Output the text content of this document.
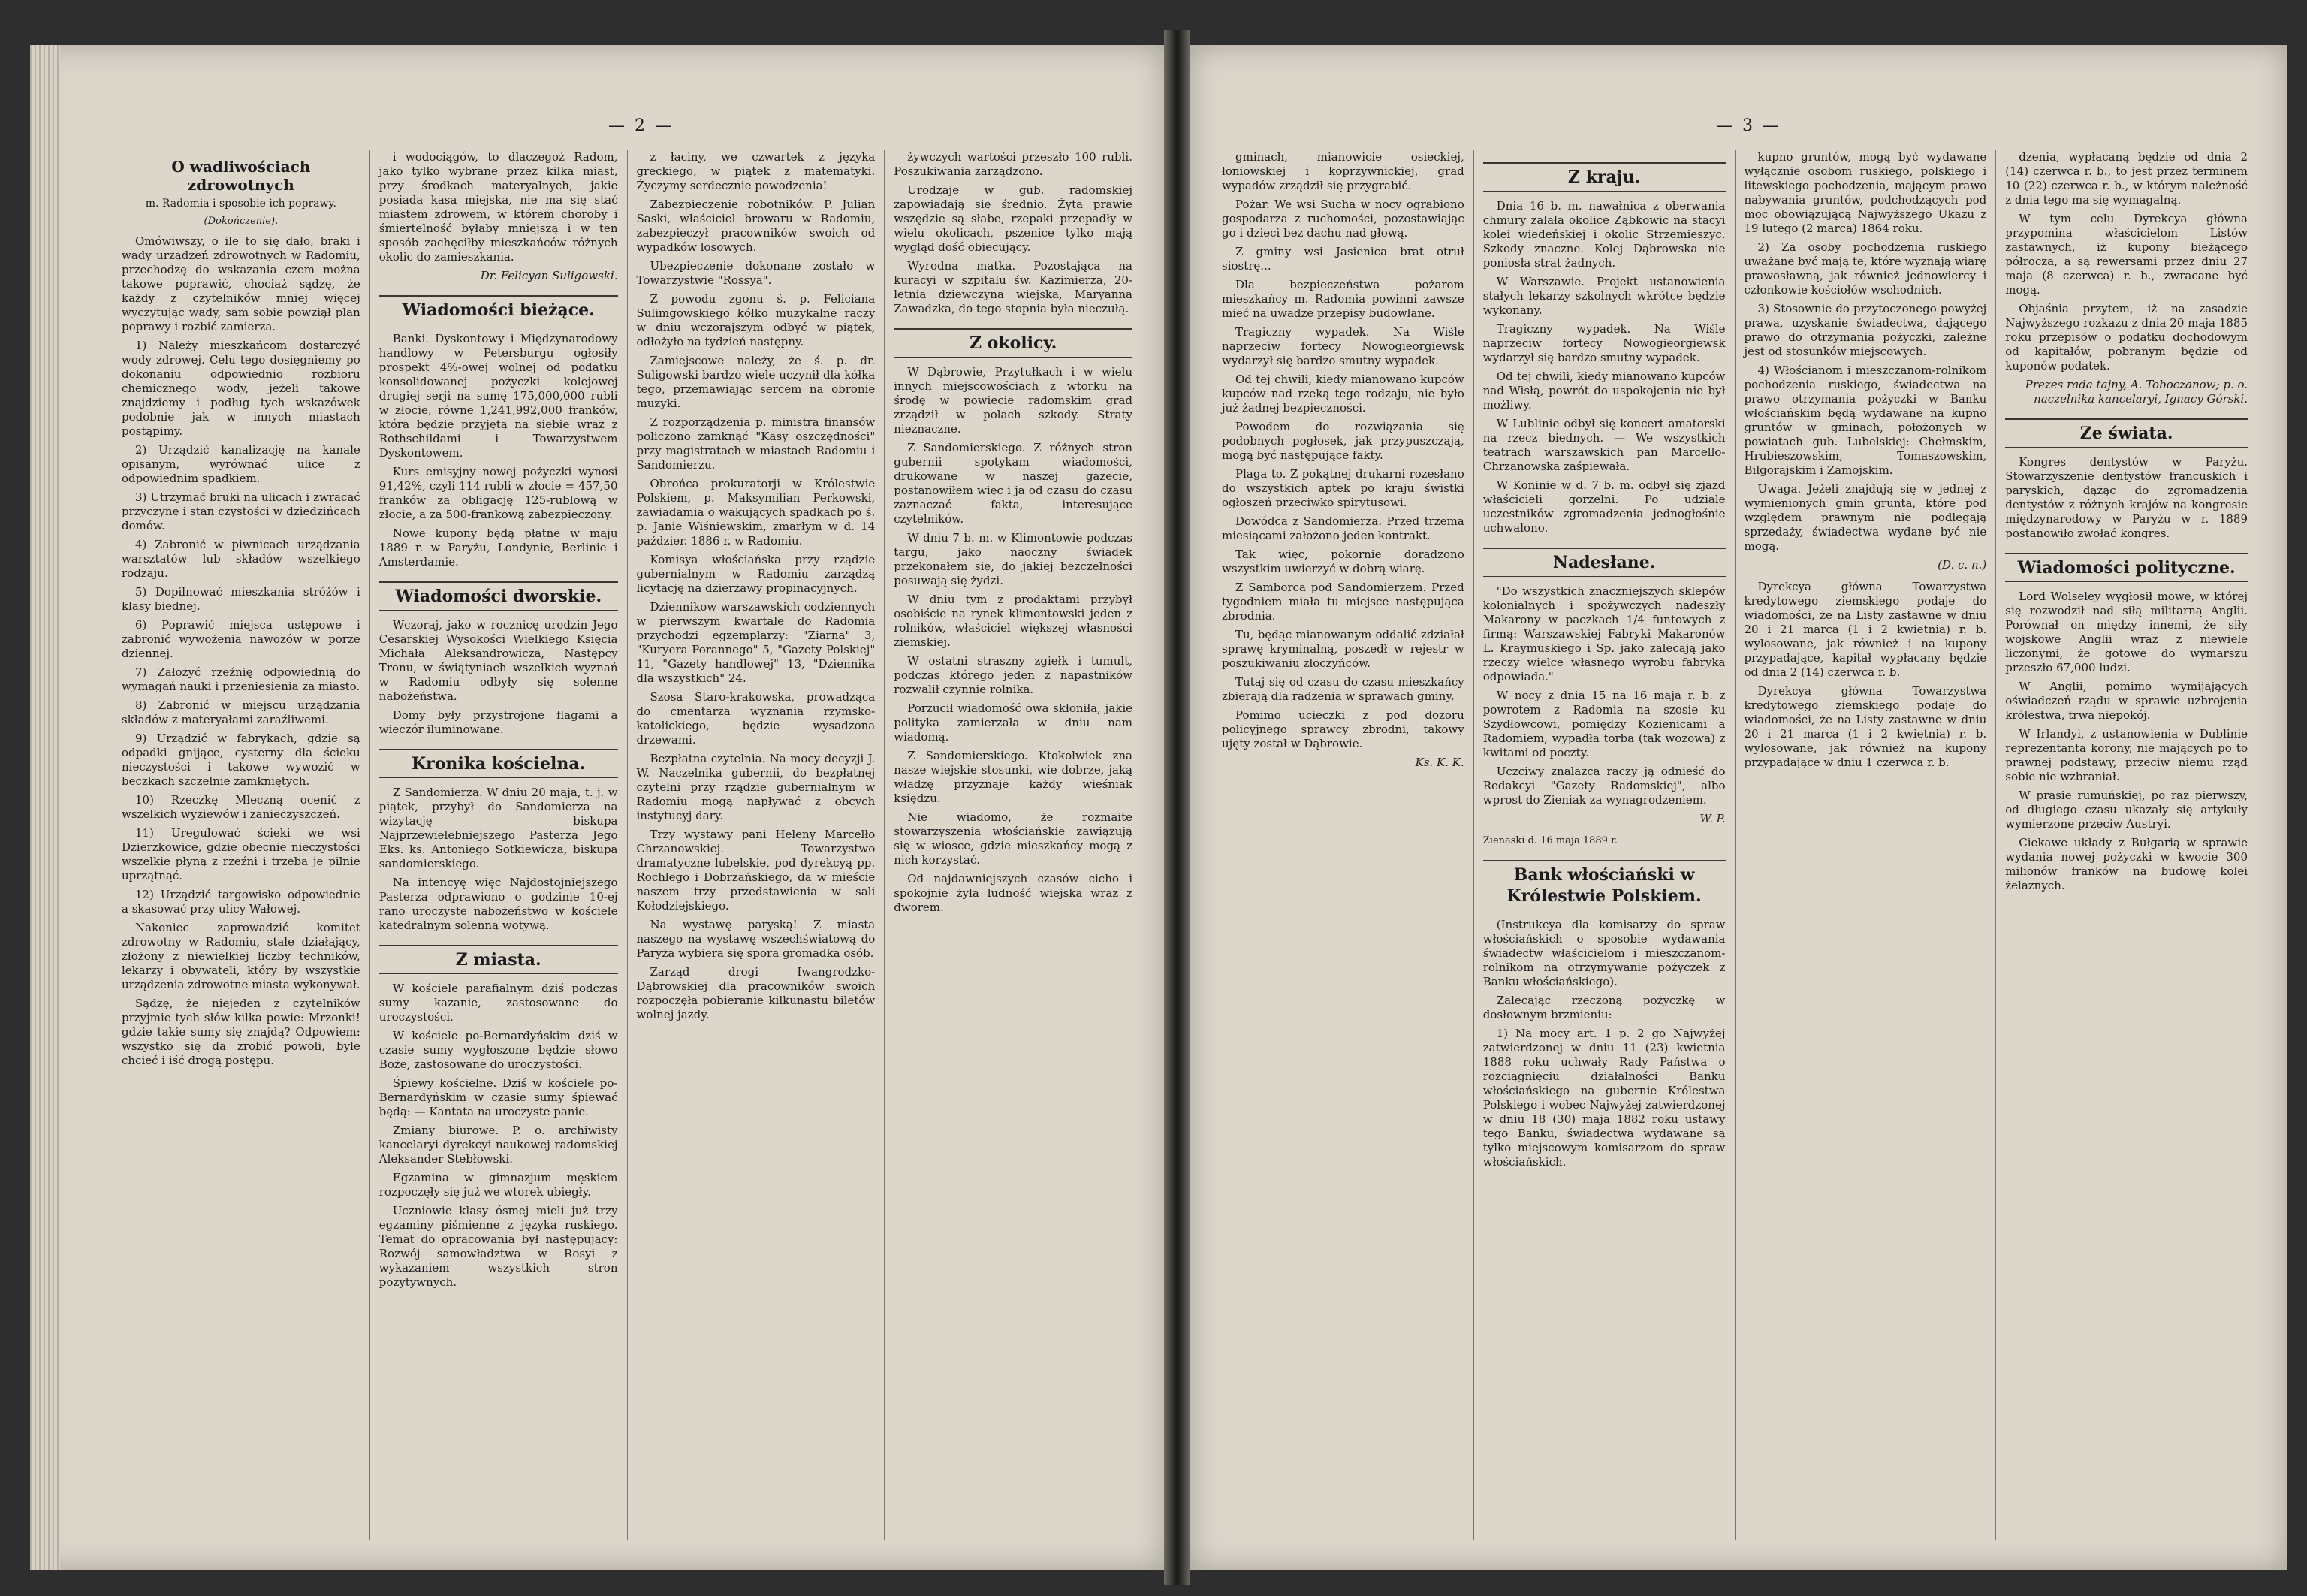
— 2 —
O wadliwościach zdrowotnych
m. Radomia i sposobie ich poprawy.
(Dokończenie).

Omówiwszy, o ile to się dało, braki i wady urządzeń zdrowotnych w Radomiu, przechodzę do wskazania czem można takowe poprawić, chociaż sądzę, że każdy z czytelników mniej więcej wyczytując wady, sam sobie powziął plan poprawy i rozbić zamierza.

1) Należy mieszkańcom dostarczyć wody zdrowej. Celu tego dosięgniemy po dokonaniu odpowiednio rozbioru chemicznego wody, jeżeli takowe znajdziemy i podług tych wskazówek podobnie jak w innych miastach postąpimy.

2) Urządzić kanalizację na kanale opisanym, wyrównać ulice z odpowiednim spadkiem.

3) Utrzymać bruki na ulicach i zwracać przyczynę i stan czystości w dziedzińcach domów.

4) Zabronić w piwnicach urządzania warsztatów lub składów wszelkiego rodzaju.

5) Dopilnować mieszkania stróżów i klasy biednej.

6) Poprawić miejsca ustępowe i zabronić wywożenia nawozów w porze dziennej.

7) Założyć rzeźnię odpowiednią do wymagań nauki i przeniesienia za miasto.

8) Zabronić w miejscu urządzania składów z materyałami zaraźliwemi.

9) Urządzić w fabrykach, gdzie są odpadki gnijące, cysterny dla ścieku nieczystości i takowe wywozić w beczkach szczelnie zamkniętych.

10) Rzeczkę Mleczną ocenić z wszelkich wyziewów i zanieczyszczeń.

11) Uregulować ścieki we wsi Dzierzkowice, gdzie obecnie nieczystości wszelkie płyną z rzeźni i trzeba je pilnie uprzątnąć.

12) Urządzić targowisko odpowiednie a skasować przy ulicy Wałowej.

Nakoniec zaprowadzić komitet zdrowotny w Radomiu, stale działający, złożony z niewielkiej liczby techników, lekarzy i obywateli, który by wszystkie urządzenia zdrowotne miasta wykonywał.

Sądzę, że niejeden z czytelników przyjmie tych słów kilka powie: Mrzonki! gdzie takie sumy się znajdą? Odpowiem: wszystko się da zrobić powoli, byle chcieć i iść drogą postępu.

i wodociągów, to dlaczegoż Radom, jako tylko wybrane przez kilka miast, przy środkach materyalnych, jakie posiada kasa miejska, nie ma się stać miastem zdrowem, w którem choroby i śmiertelność byłaby mniejszą i w ten sposób zachęciłby mieszkańców różnych okolic do zamieszkania.

Dr. Felicyan Suligowski.
Wiadomości bieżące.

Banki. Dyskontowy i Międzynarodowy handlowy w Petersburgu ogłosiły prospekt 4%-owej wolnej od podatku konsolidowanej pożyczki kolejowej drugiej serji na sumę 175,000,000 rubli w złocie, równe 1,241,992,000 franków, która będzie przyjętą na siebie wraz z Rothschildami i Towarzystwem Dyskontowem.

Kurs emisyjny nowej pożyczki wynosi 91,42%, czyli 114 rubli w złocie = 457,50 franków za obligację 125-rublową w złocie, a za 500-frankową zabezpieczony.

Nowe kupony będą płatne w maju 1889 r. w Paryżu, Londynie, Berlinie i Amsterdamie.

Wiadomości dworskie.

Wczoraj, jako w rocznicę urodzin Jego Cesarskiej Wysokości Wielkiego Księcia Michała Aleksandrowicza, Następcy Tronu, w świątyniach wszelkich wyznań w Radomiu odbyły się solenne nabożeństwa.

Domy były przystrojone flagami a wieczór iluminowane.

Kronika kościelna.

Z Sandomierza. W dniu 20 maja, t. j. w piątek, przybył do Sandomierza na wizytację biskupa Najprzewielebniejszego Pasterza Jego Eks. ks. Antoniego Sotkiewicza, biskupa sandomierskiego.

Na intencyę więc Najdostojniejszego Pasterza odprawiono o godzinie 10-ej rano uroczyste nabożeństwo w kościele katedralnym solenną wotywą.

Z miasta.

W kościele parafialnym dziś podczas sumy kazanie, zastosowane do uroczystości.

W kościele po-Bernardyńskim dziś w czasie sumy wygłoszone będzie słowo Boże, zastosowane do uroczystości.

Śpiewy kościelne. Dziś w kościele po-Bernardyńskim w czasie sumy śpiewać będą: — Kantata na uroczyste panie.

Zmiany biurowe. P. o. archiwisty kancelaryi dyrekcyi naukowej radomskiej Aleksander Stebłowski.

Egzamina w gimnazjum męskiem rozpoczęły się już we wtorek ubiegły.

Uczniowie klasy ósmej mieli już trzy egzaminy piśmienne z języka ruskiego. Temat do opracowania był następujący: Rozwój samowładztwa w Rosyi z wykazaniem wszystkich stron pozytywnych.

z łaciny, we czwartek z języka greckiego, w piątek z matematyki. Życzymy serdecznie powodzenia!

Zabezpieczenie robotników. P. Julian Saski, właściciel browaru w Radomiu, zabezpieczył pracowników swoich od wypadków losowych.

Ubezpieczenie dokonane zostało w Towarzystwie "Rossya".

Z powodu zgonu ś. p. Feliciana Sulimgowskiego kółko muzykalne raczy w dniu wczorajszym odbyć w piątek, odłożyło na tydzień następny.

Zamiejscowe należy, że ś. p. dr. Suligowski bardzo wiele uczynił dla kółka tego, przemawiając sercem na obronie muzyki.

Z rozporządzenia p. ministra finansów policzono zamknąć "Kasy oszczędności" przy magistratach w miastach Radomiu i Sandomierzu.

Obrońca prokuratorji w Królestwie Polskiem, p. Maksymilian Perkowski, zawiadamia o wakujących spadkach po ś. p. Janie Wiśniewskim, zmarłym w d. 14 paździer. 1886 r. w Radomiu.

Komisya włościańska przy rządzie gubernialnym w Radomiu zarządzą licytację na dzierżawy propinacyjnych.

Dziennikow warszawskich codziennych w pierwszym kwartale do Radomia przychodzi egzemplarzy: "Ziarna" 3, "Kuryera Porannego" 5, "Gazety Polskiej" 11, "Gazety handlowej" 13, "Dziennika dla wszystkich" 24.

Szosa Staro-krakowska, prowadząca do cmentarza wyznania rzymsko-katolickiego, będzie wysadzona drzewami.

Bezpłatna czytelnia. Na mocy decyzji J. W. Naczelnika gubernii, do bezpłatnej czytelni przy rządzie gubernialnym w Radomiu mogą napływać z obcych instytucyj dary.

Trzy wystawy pani Heleny Marcelło Chrzanowskiej. Towarzystwo dramatyczne lubelskie, pod dyrekcyą pp. Rochlego i Dobrzańskiego, da w mieście naszem trzy przedstawienia w sali Kołodziejskiego.

Na wystawę paryską! Z miasta naszego na wystawę wszechświatową do Paryża wybiera się spora gromadka osób.

Zarząd drogi Iwangrodzko-Dąbrowskiej dla pracowników swoich rozpoczęła pobieranie kilkunastu biletów wolnej jazdy.

żywczych wartości przeszło 100 rubli. Poszukiwania zarządzono.

Urodzaje w gub. radomskiej zapowiadają się średnio. Żyta prawie wszędzie są słabe, rzepaki przepadły w wielu okolicach, pszenice tylko mają wygląd dość obiecujący.

Wyrodna matka. Pozostająca na kuracyi w szpitalu św. Kazimierza, 20-letnia dziewczyna wiejska, Maryanna Zawadzka, do tego stopnia była nieczułą.

Z okolicy.

W Dąbrowie, Przytułkach i w wielu innych miejscowościach z wtorku na środę w powiecie radomskim grad zrządził w polach szkody. Straty nieznaczne.

Z Sandomierskiego. Z różnych stron gubernii spotykam wiadomości, drukowane w naszej gazecie, postanowiłem więc i ja od czasu do czasu zaznaczać fakta, interesujące czytelników.

W dniu 7 b. m. w Klimontowie podczas targu, jako naoczny świadek przekonałem się, do jakiej bezczelności posuwają się żydzi.

W dniu tym z prodaktami przybył osobiście na rynek klimontowski jeden z rolników, właściciel większej własności ziemskiej.

W ostatni straszny zgiełk i tumult, podczas którego jeden z napastników rozwalił czynnie rolnika.

Porzucił wiadomość owa skłoniła, jakie polityka zamierzała w dniu nam wiadomą.

Z Sandomierskiego. Ktokolwiek zna nasze wiejskie stosunki, wie dobrze, jaką władzę przyznaje każdy wieśniak księdzu.

Nie wiadomo, że rozmaite stowarzyszenia włościańskie zawiązują się w wiosce, gdzie mieszkańcy mogą z nich korzystać.

Od najdawniejszych czasów cicho i spokojnie żyła ludność wiejska wraz z dworem.

— 3 —

gminach, mianowicie osieckiej, łoniowskiej i koprzywnickiej, grad wypadów zrządził się przygrabić.

Pożar. We wsi Sucha w nocy ograbiono gospodarza z ruchomości, pozostawiając go i dzieci bez dachu nad głową.

Z gminy wsi Jasienica brat otruł siostrę...

Dla bezpieczeństwa pożarom mieszkańcy m. Radomia powinni zawsze mieć na uwadze przepisy budowlane.

Tragiczny wypadek. Na Wiśle naprzeciw fortecy Nowogieorgiewsk wydarzył się bardzo smutny wypadek.

Od tej chwili, kiedy mianowano kupców kupców nad rzeką tego rodzaju, nie było już żadnej bezpieczności.

Powodem do rozwiązania się podobnych pogłosek, jak przypuszczają, mogą być następujące fakty.

Plaga to. Z pokątnej drukarni rozesłano do wszystkich aptek po kraju świstki ogłoszeń przeciwko spirytusowi.

Dowódca z Sandomierza. Przed trzema miesiącami założono jeden kontrakt.

Tak więc, pokornie doradzono wszystkim uwierzyć w dobrą wiarę.

Z Samborca pod Sandomierzem. Przed tygodniem miała tu miejsce następująca zbrodnia.

Tu, będąc mianowanym oddalić zdziałał sprawę kryminalną, poszedł w rejestr w poszukiwaniu złoczyńców.

Tutaj się od czasu do czasu mieszkańcy zbierają dla radzenia w sprawach gminy.

Pomimo ucieczki z pod dozoru policyjnego sprawcy zbrodni, takowy ujęty został w Dąbrowie.

Ks. K. K.
Z kraju.

Dnia 16 b. m. nawałnica z oberwania chmury zalała okolice Ząbkowic na stacyi kolei wiedeńskiej i okolic Strzemieszyc. Szkody znaczne. Kolej Dąbrowska nie poniosła strat żadnych.

W Warszawie. Projekt ustanowienia stałych lekarzy szkolnych wkrótce będzie wykonany.

Tragiczny wypadek. Na Wiśle naprzeciw fortecy Nowogieorgiewsk wydarzył się bardzo smutny wypadek.

Od tej chwili, kiedy mianowano kupców nad Wisłą, powrót do uspokojenia nie był możliwy.

W Lublinie odbył się koncert amatorski na rzecz biednych. — We wszystkich teatrach warszawskich pan Marcello-Chrzanowska zaśpiewała.

W Koninie w d. 7 b. m. odbył się zjazd właścicieli gorzelni. Po udziale uczestników zgromadzenia jednogłośnie uchwalono.

Nadesłane.

"Do wszystkich znaczniejszych sklepów kolonialnych i spożywczych nadeszły Makarony w paczkach 1/4 funtowych z firmą: Warszawskiej Fabryki Makaronów L. Kraymuskiego i Sp. jako zalecają jako rzeczy wielce własnego wyrobu fabryka odpowiada."

W nocy z dnia 15 na 16 maja r. b. z powrotem z Radomia na szosie ku Szydłowcowi, pomiędzy Kozienicami a Radomiem, wypadła torba (tak wozowa) z kwitami od poczty.

Uczciwy znalazca raczy ją odnieść do Redakcyi "Gazety Radomskiej", albo wprost do Zieniak za wynagrodzeniem.

W. P.
Zienaski d. 16 maja 1889 r.
Bank włościański w Królestwie Polskiem.

(Instrukcya dla komisarzy do spraw włościańskich o sposobie wydawania świadectw właścicielom i mieszczanom-rolnikom na otrzymywanie pożyczek z Banku włościańskiego).

Zalecając rzeczoną pożyczkę w dosłownym brzmieniu:

1) Na mocy art. 1 p. 2 go Najwyżej zatwierdzonej w dniu 11 (23) kwietnia 1888 roku uchwały Rady Państwa o rozciągnięciu działalności Banku włościańskiego na gubernie Królestwa Polskiego i wobec Najwyżej zatwierdzonej w dniu 18 (30) maja 1882 roku ustawy tego Banku, świadectwa wydawane są tylko miejscowym komisarzom do spraw włościańskich.

kupno gruntów, mogą być wydawane wyłącznie osobom ruskiego, polskiego i litewskiego pochodzenia, mającym prawo nabywania gruntów, podchodzących pod moc obowiązującą Najwyższego Ukazu z 19 lutego (2 marca) 1864 roku.

2) Za osoby pochodzenia ruskiego uważane być mają te, które wyznają wiarę prawosławną, jak również jednowiercy i członkowie kościołów wschodnich.

3) Stosownie do przytoczonego powyżej prawa, uzyskanie świadectwa, dającego prawo do otrzymania pożyczki, zależne jest od stosunków miejscowych.

4) Włościanom i mieszczanom-rolnikom pochodzenia ruskiego, świadectwa na prawo otrzymania pożyczki w Banku włościańskim będą wydawane na kupno gruntów w gminach, położonych w powiatach gub. Lubelskiej: Chełmskim, Hrubieszowskim, Tomaszowskim, Biłgorajskim i Zamojskim.

Uwaga. Jeżeli znajdują się w jednej z wymienionych gmin grunta, które pod względem prawnym nie podlegają sprzedaży, świadectwa wydane być nie mogą.

(D. c. n.)

Dyrekcya główna Towarzystwa kredytowego ziemskiego podaje do wiadomości, że na Listy zastawne w dniu 20 i 21 marca (1 i 2 kwietnia) r. b. wylosowane, jak również i na kupony przypadające, kapitał wypłacany będzie od dnia 2 (14) czerwca r. b.

Dyrekcya główna Towarzystwa kredytowego ziemskiego podaje do wiadomości, że na Listy zastawne w dniu 20 i 21 marca (1 i 2 kwietnia) r. b. wylosowane, jak również na kupony przypadające w dniu 1 czerwca r. b.

dzenia, wypłacaną będzie od dnia 2 (14) czerwca r. b., to jest przez terminem 10 (22) czerwca r. b., w którym należność z dnia tego ma się wymagalną.

W tym celu Dyrekcya główna przypomina właścicielom Listów zastawnych, iż kupony bieżącego półrocza, a są rewersami przez dniu 27 maja (8 czerwca) r. b., zwracane być mogą.

Objaśnia przytem, iż na zasadzie Najwyższego rozkazu z dnia 20 maja 1885 roku przepisów o podatku dochodowym od kapitałów, pobranym będzie od kuponów podatek.

Prezes rada tajny, A. Toboczanow; p. o. naczelnika kancelaryi, Ignacy Górski.
Ze świata.

Kongres dentystów w Paryżu. Stowarzyszenie dentystów francuskich i paryskich, dążąc do zgromadzenia dentystów z różnych krajów na kongresie międzynarodowy w Paryżu w r. 1889 postanowiło zwołać kongres.

Wiadomości polityczne.

Lord Wolseley wygłosił mowę, w której się rozwodził nad siłą militarną Anglii. Porównał on między innemi, że siły wojskowe Anglii wraz z niewiele liczonymi, że gotowe do wymarszu przeszło 67,000 ludzi.

W Anglii, pomimo wymijających oświadczeń rządu w sprawie uzbrojenia królestwa, trwa niepokój.

W Irlandyi, z ustanowienia w Dublinie reprezentanta korony, nie mających po to prawnej podstawy, przeciw niemu rząd sobie nie wzbraniał.

W prasie rumuńskiej, po raz pierwszy, od długiego czasu ukazały się artykuły wymierzone przeciw Austryi.

Ciekawe układy z Bułgarią w sprawie wydania nowej pożyczki w kwocie 300 milionów franków na budowę kolei żelaznych.
